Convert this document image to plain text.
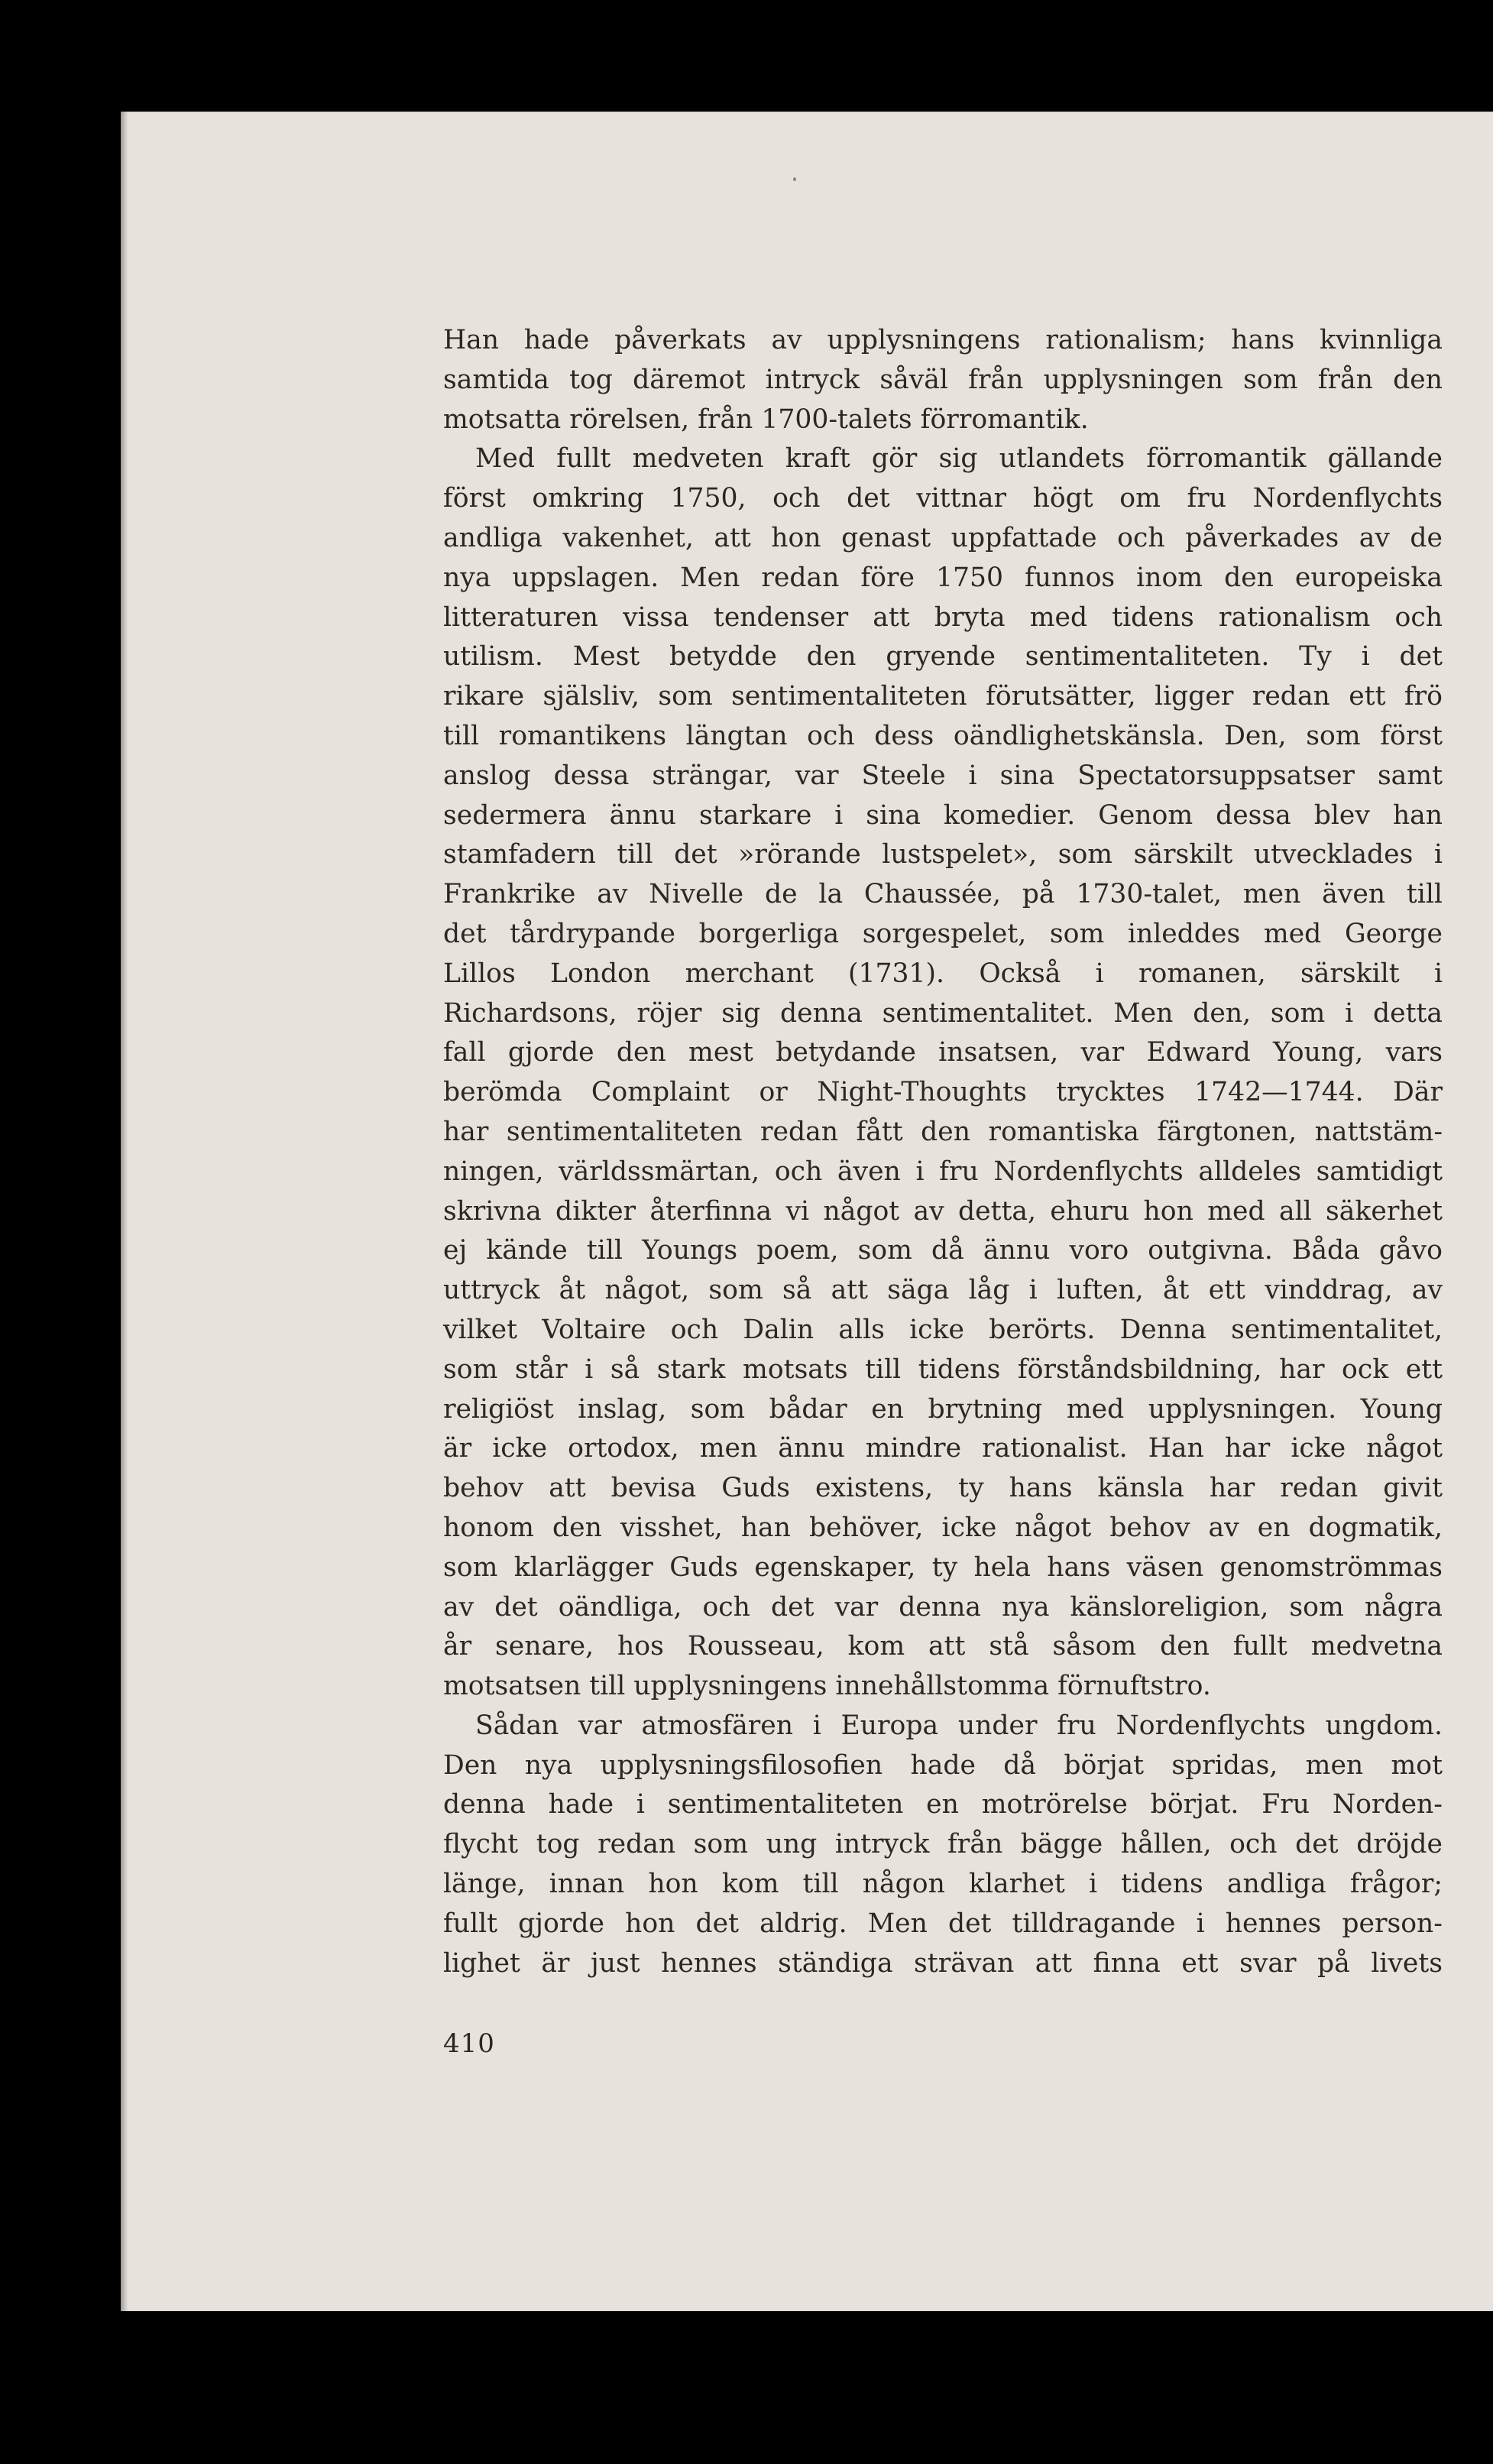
Han hade påverkats av upplysningens rationalism; hans kvinnliga
samtida tog däremot intryck såväl från upplysningen som från den
motsatta rörelsen, från 1700-talets förromantik.
Med fullt medveten kraft gör sig utlandets förromantik gällande
först omkring 1750, och det vittnar högt om fru Nordenflychts
andliga vakenhet, att hon genast uppfattade och påverkades av de
nya uppslagen. Men redan före 1750 funnos inom den europeiska
litteraturen vissa tendenser att bryta med tidens rationalism och
utilism. Mest betydde den gryende sentimentaliteten. Ty i det
rikare själsliv, som sentimentaliteten förutsätter, ligger redan ett frö
till romantikens längtan och dess oändlighetskänsla. Den, som först
anslog dessa strängar, var Steele i sina Spectatorsuppsatser samt
sedermera ännu starkare i sina komedier. Genom dessa blev han
stamfadern till det »rörande lustspelet», som särskilt utvecklades i
Frankrike av Nivelle de la Chaussée, på 1730-talet, men även till
det tårdrypande borgerliga sorgespelet, som inleddes med George
Lillos London merchant (1731). Också i romanen, särskilt i
Richardsons, röjer sig denna sentimentalitet. Men den, som i detta
fall gjorde den mest betydande insatsen, var Edward Young, vars
berömda Complaint or Night-Thoughts trycktes 1742—1744. Där
har sentimentaliteten redan fått den romantiska färgtonen, nattstäm-
ningen, världssmärtan, och även i fru Nordenflychts alldeles samtidigt
skrivna dikter återfinna vi något av detta, ehuru hon med all säkerhet
ej kände till Youngs poem, som då ännu voro outgivna. Båda gåvo
uttryck åt något, som så att säga låg i luften, åt ett vinddrag, av
vilket Voltaire och Dalin alls icke berörts. Denna sentimentalitet,
som står i så stark motsats till tidens förståndsbildning, har ock ett
religiöst inslag, som bådar en brytning med upplysningen. Young
är icke ortodox, men ännu mindre rationalist. Han har icke något
behov att bevisa Guds existens, ty hans känsla har redan givit
honom den visshet, han behöver, icke något behov av en dogmatik,
som klarlägger Guds egenskaper, ty hela hans väsen genomströmmas
av det oändliga, och det var denna nya känsloreligion, som några
år senare, hos Rousseau, kom att stå såsom den fullt medvetna
motsatsen till upplysningens innehållstomma förnuftstro.
Sådan var atmosfären i Europa under fru Nordenflychts ungdom.
Den nya upplysningsfilosofien hade då börjat spridas, men mot
denna hade i sentimentaliteten en motrörelse börjat. Fru Norden-
flycht tog redan som ung intryck från bägge hållen, och det dröjde
länge, innan hon kom till någon klarhet i tidens andliga frågor;
fullt gjorde hon det aldrig. Men det tilldragande i hennes person-
lighet är just hennes ständiga strävan att finna ett svar på livets
410
